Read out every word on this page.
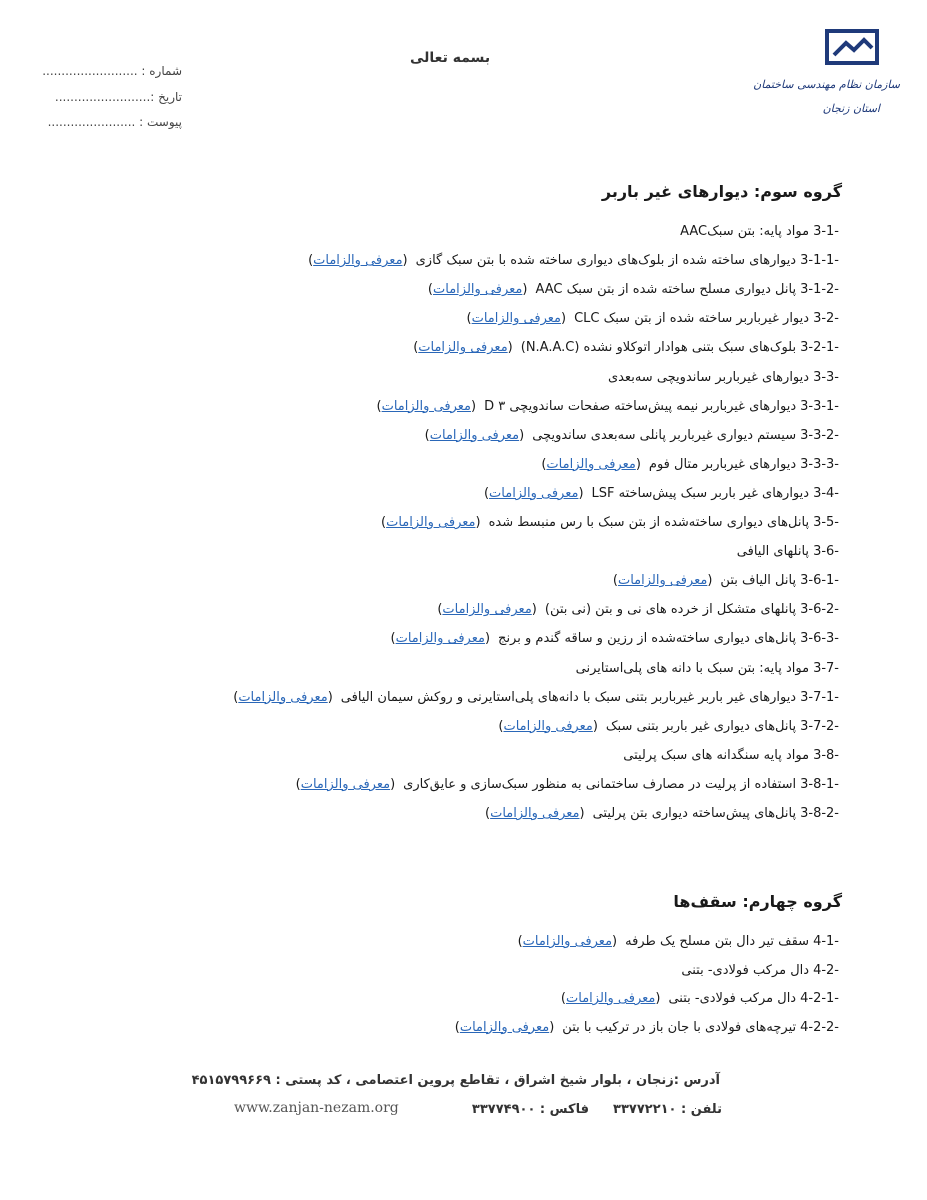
سازمان نظام مهندسی ساختمان
استان زنجان
بسمه تعالی
شماره : .........................
تاریخ :.........................
پیوست : .......................
گروه سوم: دیوارهای غیر باربر
3-1-مواد پایه: بتن سبکAAC
3-1-1-دیوارهای ساخته شده از بلوک‌های دیواری ساخته شده با بتن سبک گازی(معرفی والزامات)
3-1-2-پانل دیواری مسلح ساخته شده از بتن سبک AAC(معرفی والزامات)
3-2-دیوار غیرباربر ساخته شده از بتن سبک CLC(معرفی والزامات)
3-2-1-بلوک‌های سبک بتنی هوادار اتوکلاو نشده (N.A.A.C)(معرفی والزامات)
3-3-دیوارهای غیرباربر ساندویچی سه‌بعدی
3-3-1-دیوارهای غیرباربر نیمه پیش‌ساخته صفحات ساندویچی ۳ D(معرفی والزامات)
3-3-2-سیستم دیواری غیرباربر پانلی سه‌بعدی ساندویچی(معرفی والزامات)
3-3-3-دیوارهای غیرباربر متال فوم(معرفی والزامات)
3-4-دیوارهای غیر باربر سبک پیش‌ساخته LSF(معرفی والزامات)
3-5-پانل‌های دیواری ساخته‌شده از بتن سبک با رس منبسط شده(معرفی والزامات)
3-6-پانلهای الیافی
3-6-1-پانل الیاف بتن(معرفی والزامات)
3-6-2-پانلهای متشکل از خرده های نی و بتن (نی بتن)(معرفی والزامات)
3-6-3-پانل‌های دیواری ساخته‌شده از رزین و ساقه گندم و برنج(معرفی والزامات)
3-7-مواد پایه: بتن سبک با دانه های پلی‌استایرنی
3-7-1-دیوارهای غیر باربر غیرباربر بتنی سبک با دانه‌های پلی‌استایرنی و روکش سیمان الیافی(معرفی والزامات)
3-7-2-پانل‌های دیواری غیر باربر بتنی سبک(معرفی والزامات)
3-8-مواد پایه سنگدانه های سبک پرلیتی
3-8-1-استفاده از پرلیت در مصارف ساختمانی به منظور سبک‌سازی و عایق‌کاری(معرفی والزامات)
3-8-2-پانل‌های پیش‌ساخته دیواری بتن پرلیتی(معرفی والزامات)
گروه چهارم: سقف‌ها
4-1-سقف تیر دال بتن مسلح یک طرفه(معرفی والزامات)
4-2-دال مرکب فولادی- بتنی
4-2-1-دال مرکب فولادی- بتنی(معرفی والزامات)
4-2-2-تیرچه‌های فولادی با جان باز در ترکیب با بتن(معرفی والزامات)
آدرس :زنجان ، بلوار شیخ اشراق ، تقاطع پروین اعتصامی ، کد پستی : ۴۵۱۵۷۹۹۶۶۹
تلفن : ۳۳۷۷۲۲۱۰
فاکس : ۳۳۷۷۴۹۰۰
www.zanjan-nezam.org
